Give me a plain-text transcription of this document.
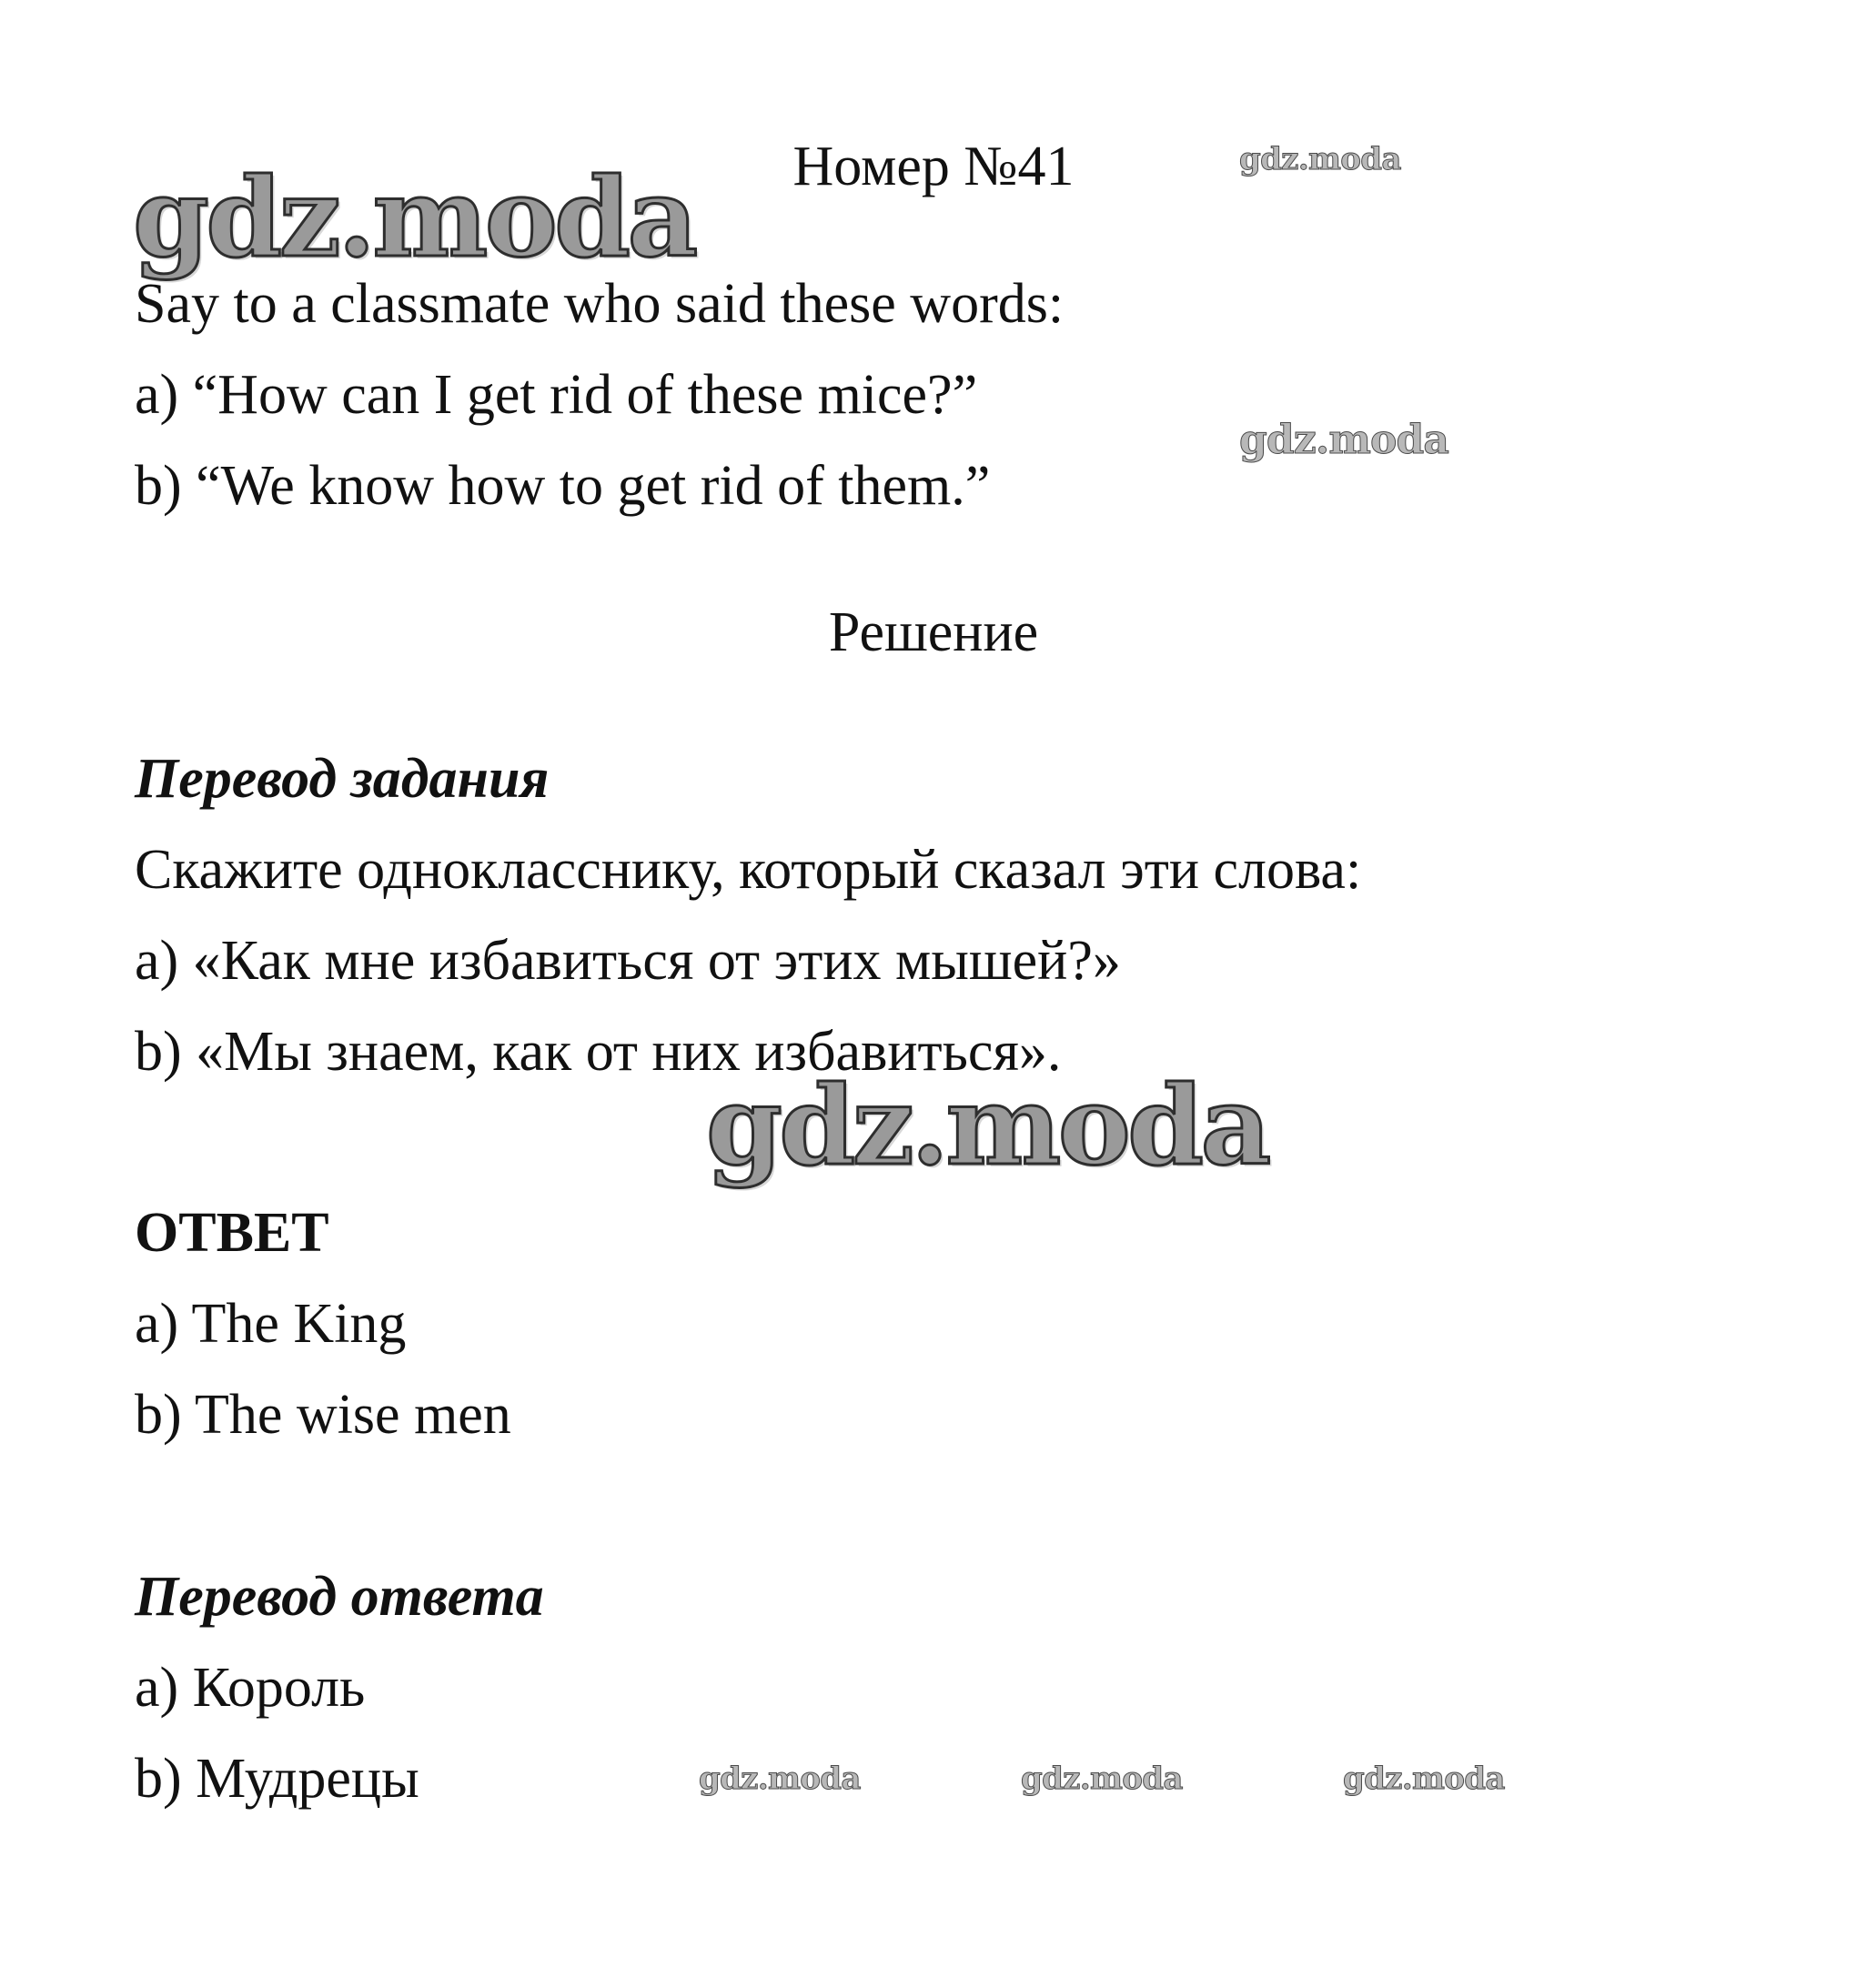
gdz.moda	gdz.moda
gdz.moda
gdz.moda
gdz.moda	gdz.moda	gdz.moda
Номер №41
Say to a classmate who said these words:
a) “How can I get rid of these mice?”
b) “We know how to get rid of them.”
Решение
Перевод задания
Скажите однокласснику, который сказал эти слова:
a) «Как мне избавиться от этих мышей?»
b) «Мы знаем, как от них избавиться».
ОТВЕТ
a) The King
b) The wise men
Перевод ответа
a) Король
b) Мудрецы
